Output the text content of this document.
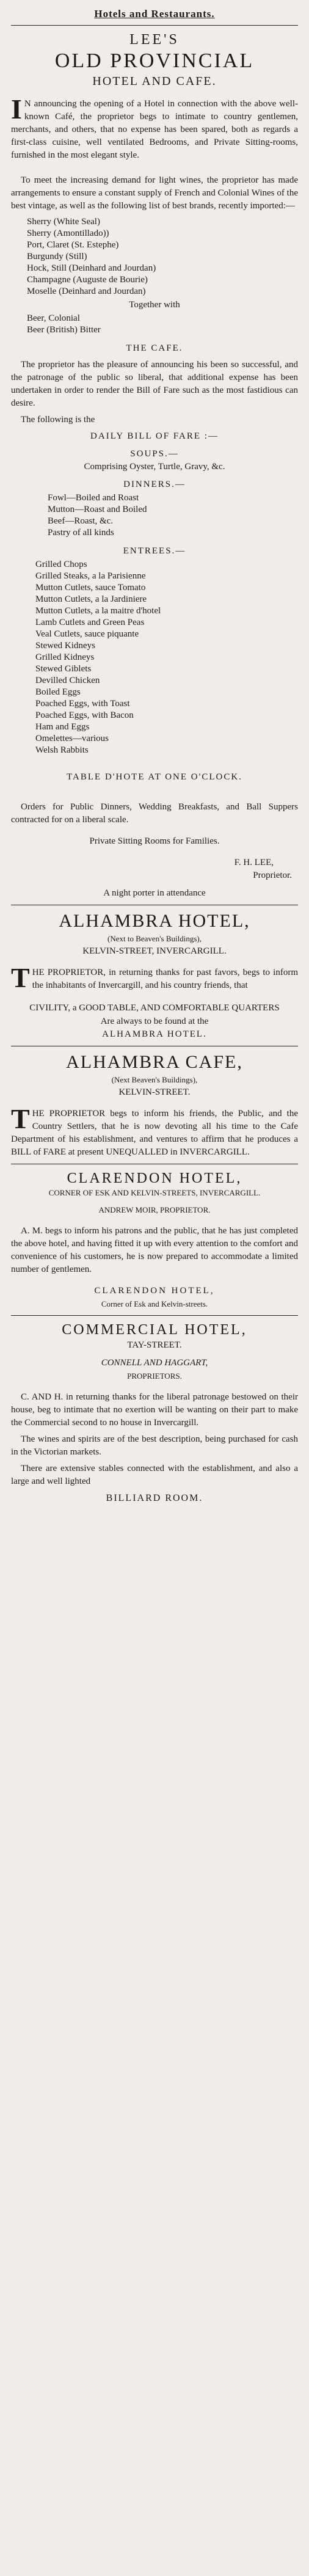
Hotels and Restaurants.
LEE'S
OLD PROVINCIAL
HOTEL AND CAFE.
IN announcing the opening of a Hotel in connection with the above well-known Café, the proprietor begs to intimate to country gentlemen, merchants, and others, that no expense has been spared, both as regards a first-class cuisine, well ventilated Bedrooms, and Private Sitting-rooms, furnished in the most elegant style.
To meet the increasing demand for light wines, the proprietor has made arrangements to ensure a constant supply of French and Colonial Wines of the best vintage, as well as the following list of best brands, recently imported:—
Sherry (White Seal)
Sherry (Amontillado))
Port, Claret (St. Estephe)
Burgundy (Still)
Hock, Still (Deinhard and Jourdan)
Champagne (Auguste de Bourie)
Moselle (Deinhard and Jourdan)
Together with
Beer, Colonial
Beer (British) Bitter
THE CAFE.
The proprietor has the pleasure of announcing his been so successful, and the patronage of the public so liberal, that additional expense has been undertaken in order to render the Bill of Fare such as the most fastidious can desire.
The following is the
DAILY BILL OF FARE :—
SOUPS.—
Comprising Oyster, Turtle, Gravy, &c.
DINNERS.—
Fowl—Boiled and Roast
Mutton—Roast and Boiled
Beef—Roast, &c.
Pastry of all kinds
ENTREES.—
Grilled Chops
Grilled Steaks, a la Parisienne
Mutton Cutlets, sauce Tomato
Mutton Cutlets, a la Jardiniere
Mutton Cutlets, a la maitre d'hotel
Lamb Cutlets and Green Peas
Veal Cutlets, sauce piquante
Stewed Kidneys
Grilled Kidneys
Stewed Giblets
Devilled Chicken
Boiled Eggs
Poached Eggs, with Toast
Poached Eggs, with Bacon
Ham and Eggs
Omelettes—various
Welsh Rabbits
TABLE D'HOTE AT ONE O'CLOCK.
Orders for Public Dinners, Wedding Breakfasts, and Ball Suppers contracted for on a liberal scale.
Private Sitting Rooms for Families.
F. H. LEE,
Proprietor.
A night porter in attendance
ALHAMBRA HOTEL,
(Next to Beaven's Buildings),
KELVIN-STREET, INVERCARGILL.
THE PROPRIETOR, in returning thanks for past favors, begs to inform the inhabitants of Invercargill, and his country friends, that
CIVILITY, a GOOD TABLE, AND COMFORTABLE QUARTERS
Are always to be found at the
ALHAMBRA HOTEL.
ALHAMBRA CAFE,
(Next Beaven's Buildings),
KELVIN-STREET.
THE PROPRIETOR begs to inform his friends, the Public, and the Country Settlers, that he is now devoting all his time to the Cafe Department of his establishment, and ventures to affirm that he produces a BILL of FARE at present UNEQUALLED in INVERCARGILL.
CLARENDON HOTEL,
CORNER OF ESK AND KELVIN-STREETS, INVERCARGILL.
ANDREW MOIR, PROPRIETOR.
A. M. begs to inform his patrons and the public, that he has just completed the above hotel, and having fitted it up with every attention to the comfort and convenience of his customers, he is now prepared to accommodate a limited number of gentlemen.
CLARENDON HOTEL,
Corner of Esk and Kelvin-streets.
COMMERCIAL HOTEL,
TAY-STREET.
CONNELL AND HAGGART,
PROPRIETORS.
C. AND H. in returning thanks for the liberal patronage bestowed on their house, beg to intimate that no exertion will be wanting on their part to make the Commercial second to no house in Invercargill.
The wines and spirits are of the best description, being purchased for cash in the Victorian markets.
There are extensive stables connected with the establishment, and also a large and well lighted
BILLIARD ROOM.
